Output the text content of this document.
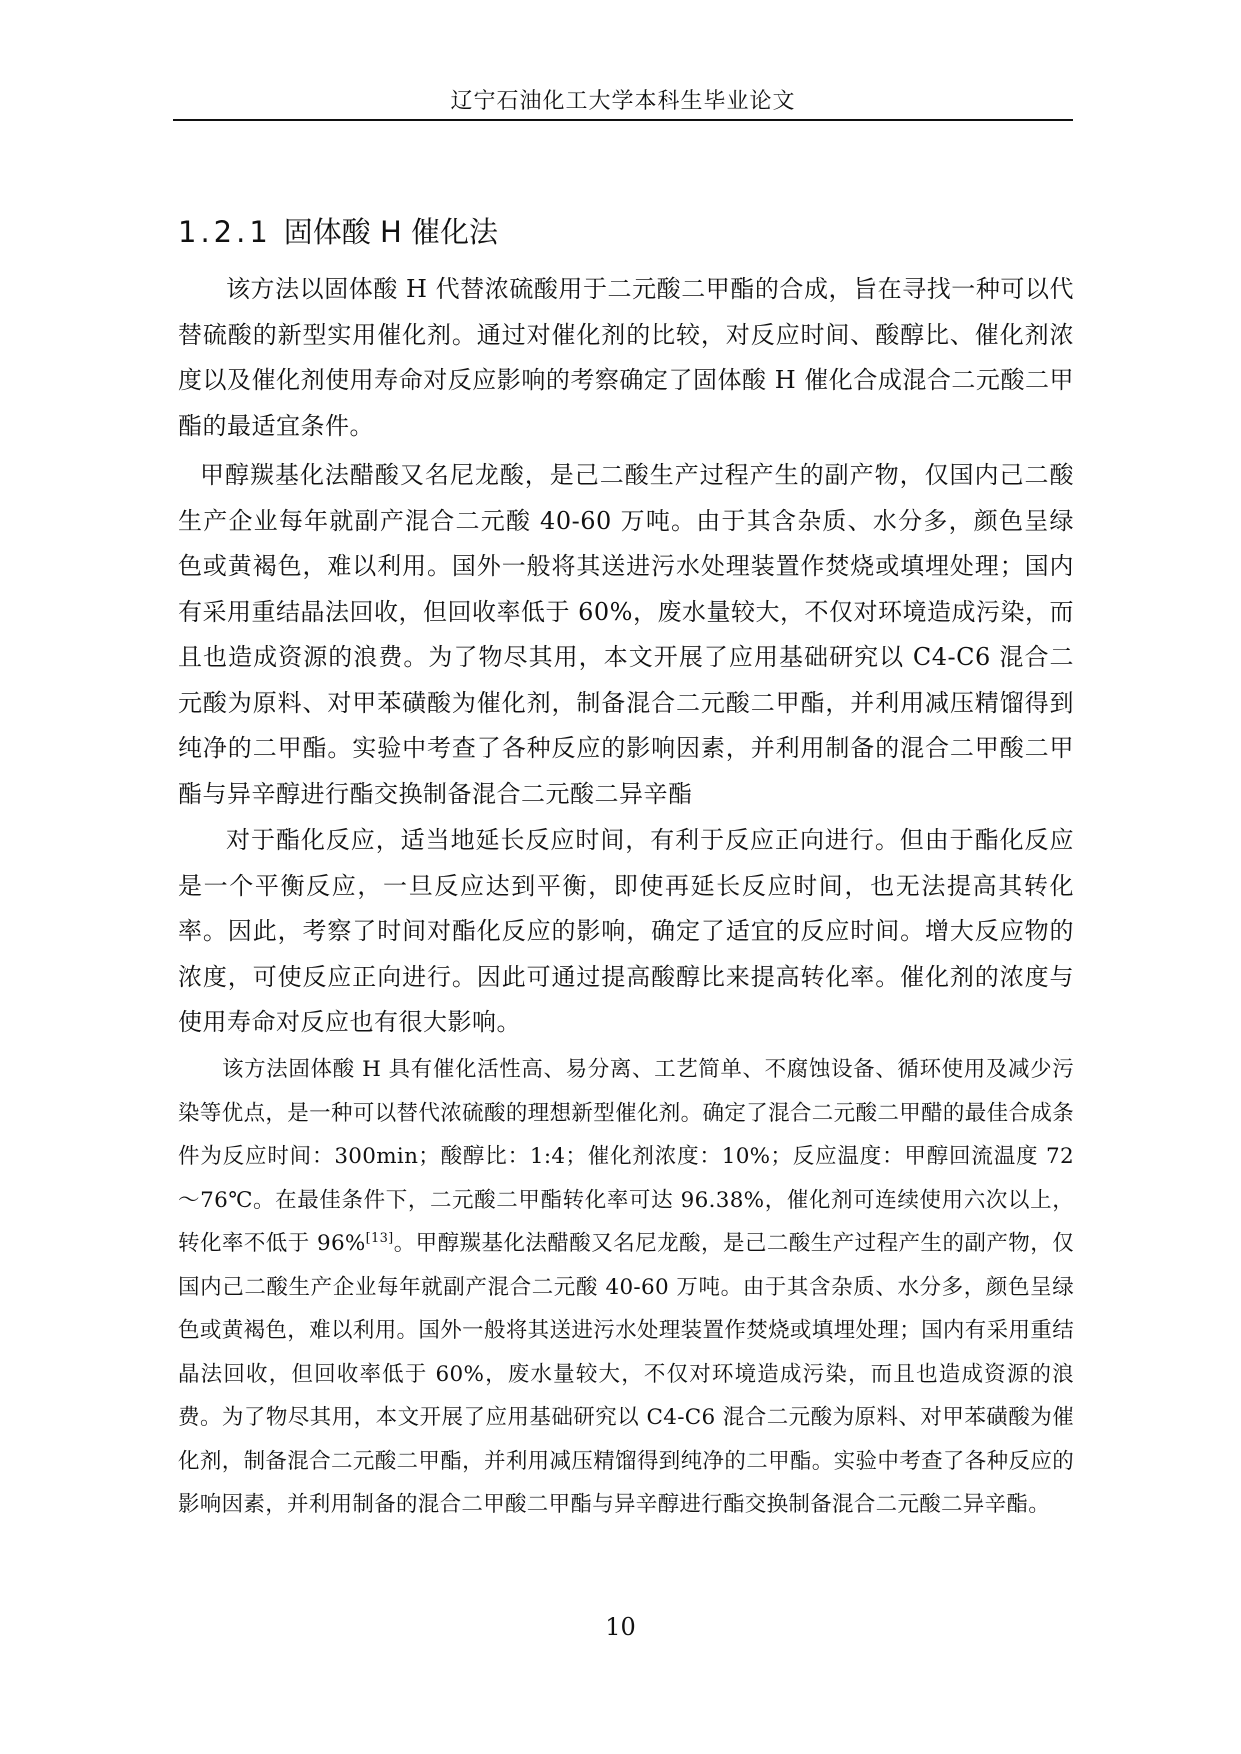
辽宁石油化工大学本科生毕业论文
1.2.1 固体酸 H 催化法

该方法以固体酸 H 代替浓硫酸用于二元酸二甲酯的合成，旨在寻找一种可以代替硫酸的新型实用催化剂。通过对催化剂的比较，对反应时间、酸醇比、催化剂浓度以及催化剂使用寿命对反应影响的考察确定了固体酸 H 催化合成混合二元酸二甲酯的最适宜条件。

甲醇羰基化法醋酸又名尼龙酸，是己二酸生产过程产生的副产物，仅国内己二酸生产企业每年就副产混合二元酸 40-60 万吨。由于其含杂质、水分多，颜色呈绿色或黄褐色，难以利用。国外一般将其送进污水处理装置作焚烧或填埋处理；国内有采用重结晶法回收，但回收率低于 60%，废水量较大，不仅对环境造成污染，而且也造成资源的浪费。为了物尽其用，本文开展了应用基础研究以 C4-C6 混合二元酸为原料、对甲苯磺酸为催化剂，制备混合二元酸二甲酯，并利用减压精馏得到纯净的二甲酯。实验中考查了各种反应的影响因素，并利用制备的混合二甲酸二甲酯与异辛醇进行酯交换制备混合二元酸二异辛酯

对于酯化反应，适当地延长反应时间，有利于反应正向进行。但由于酯化反应是一个平衡反应，一旦反应达到平衡，即使再延长反应时间，也无法提高其转化率。因此，考察了时间对酯化反应的影响，确定了适宜的反应时间。增大反应物的浓度，可使反应正向进行。因此可通过提高酸醇比来提高转化率。催化剂的浓度与使用寿命对反应也有很大影响。

该方法固体酸 H 具有催化活性高、易分离、工艺简单、不腐蚀设备、循环使用及减少污染等优点，是一种可以替代浓硫酸的理想新型催化剂。确定了混合二元酸二甲醋的最佳合成条件为反应时间：300min；酸醇比：1:4；催化剂浓度：10%；反应温度：甲醇回流温度 72～76℃。在最佳条件下，二元酸二甲酯转化率可达 96.38%，催化剂可连续使用六次以上，转化率不低于 96%[13]。甲醇羰基化法醋酸又名尼龙酸，是己二酸生产过程产生的副产物，仅国内己二酸生产企业每年就副产混合二元酸 40-60 万吨。由于其含杂质、水分多，颜色呈绿色或黄褐色，难以利用。国外一般将其送进污水处理装置作焚烧或填埋处理；国内有采用重结晶法回收，但回收率低于 60%，废水量较大，不仅对环境造成污染，而且也造成资源的浪费。为了物尽其用，本文开展了应用基础研究以 C4-C6 混合二元酸为原料、对甲苯磺酸为催化剂，制备混合二元酸二甲酯，并利用减压精馏得到纯净的二甲酯。实验中考查了各种反应的影响因素，并利用制备的混合二甲酸二甲酯与异辛醇进行酯交换制备混合二元酸二异辛酯。

10
